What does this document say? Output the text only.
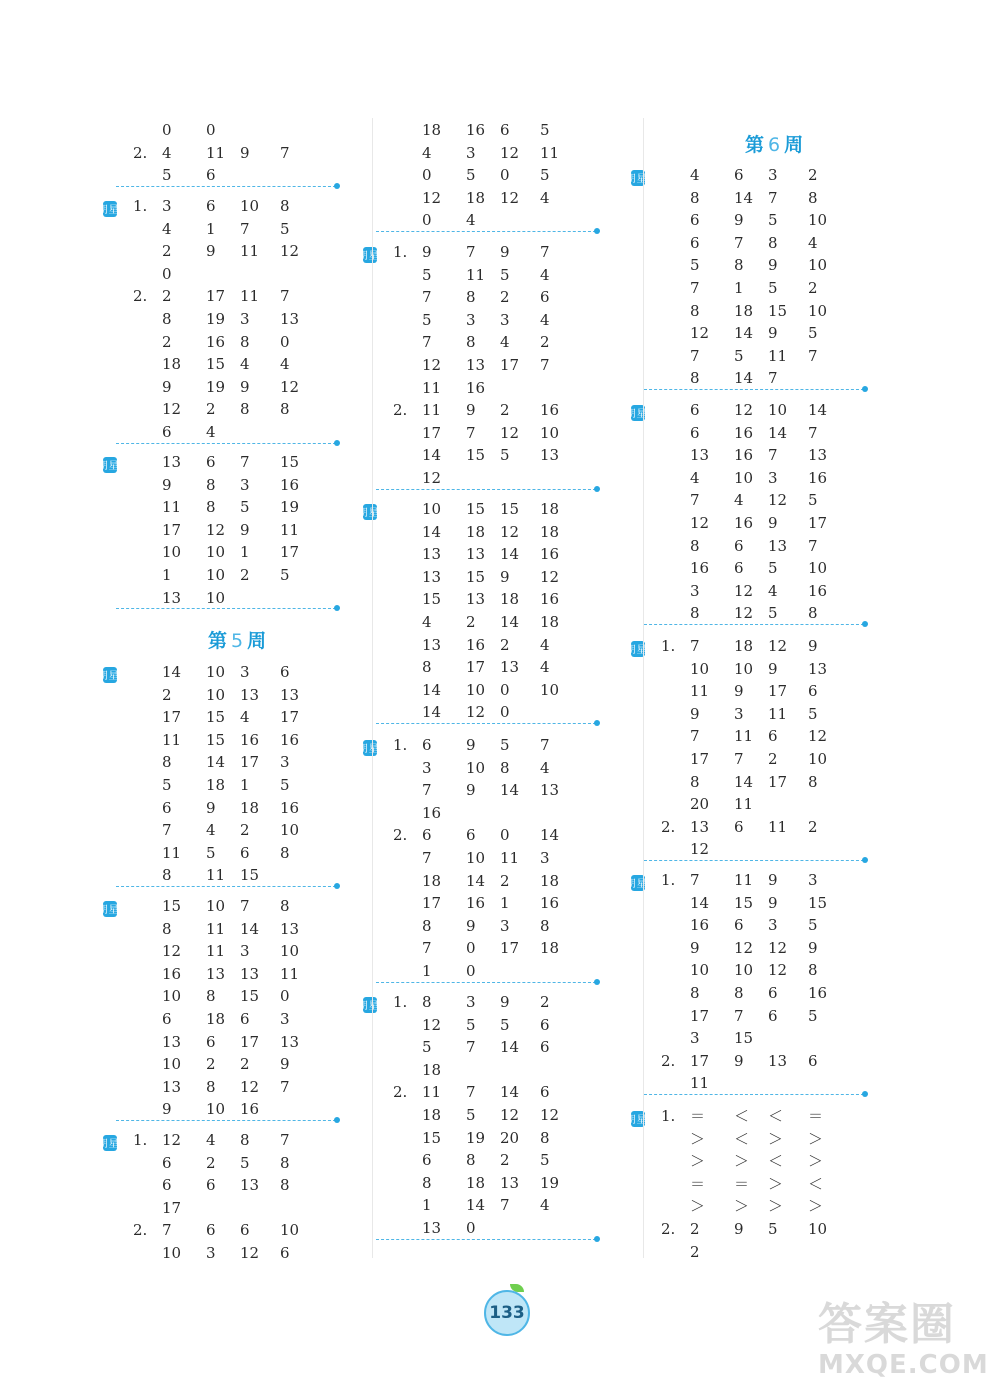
0 0
2. 4 11 9 7
5 6
星期六	1. 3 6 10 8
4 1 7 5
2 9 11 12
0
2. 2 17 11 7
8 19 3 13
2 16 8 0
18 15 4 4
9 19 9 12
12 2 8 8
6 4
星期日	13 6 7 15
9 8 3 16
11 8 5 19
17 12 9 11
10 10 1 17
1 10 2 5
13 10
星期一	14 10 3 6
2 10 13 13
17 15 4 17
11 15 16 16
8 14 17 3
5 18 1 5
6 9 18 16
7 4 2 10
11 5 6 8
8 11 15
星期二	15 10 7 8
8 11 14 13
12 11 3 10
16 13 13 11
10 8 15 0
6 18 6 3
13 6 17 13
10 2 2 9
13 8 12 7
9 10 16
星期三	1. 12 4 8 7
6 2 5 8
6 6 13 8
17
2. 7 6 6 10
10 3 12 6
18 16 6 5
4 3 12 11
0 5 0 5
12 18 12 4
0 4
星期四	1. 9 7 9 7
5 11 5 4
7 8 2 6
5 3 3 4
7 8 4 2
12 13 17 7
11 16
2. 11 9 2 16
17 7 12 10
14 15 5 13
12
星期五	10 15 15 18
14 18 12 18
13 13 14 16
13 15 9 12
15 13 18 16
4 2 14 18
13 16 2 4
8 17 13 4
14 10 0 10
14 12 0
星期六	1. 6 9 5 7
3 10 8 4
7 9 14 13
16
2. 6 6 0 14
7 10 11 3
18 14 2 18
17 16 1 16
8 9 3 8
7 0 17 18
1 0
星期日	1. 8 3 9 2
12 5 5 6
5 7 14 6
18
2. 11 7 14 6
18 5 12 12
15 19 20 8
6 8 2 5
8 18 13 19
1 14 7 4
13 0
星期一	4 6 3 2
8 14 7 8
6 9 5 10
6 7 8 4
5 8 9 10
7 1 5 2
8 18 15 10
12 14 9 5
7 5 11 7
8 14 7
星期二	6 12 10 14
6 16 14 7
13 16 7 13
4 10 3 16
7 4 12 5
12 16 9 17
8 6 13 7
16 6 5 10
3 12 4 16
8 12 5 8
星期三	1. 7 18 12 9
10 10 9 13
11 9 17 6
9 3 11 5
7 11 6 12
17 7 2 10
8 14 17 8
20 11
2. 13 6 11 2
12
星期四	1. 7 11 9 3
14 15 9 15
16 6 3 5
9 12 12 9
10 10 12 8
8 8 6 16
17 7 6 5
3 15
2. 17 9 13 6
11
星期五	1. ＝ ＜ ＜ ＝
＞ ＜ ＞ ＞
＞ ＞ ＜ ＞
＝ ＝ ＞ ＜
＞ ＞ ＞ ＞
2. 2 9 5 10
2
第 5 周
第 6 周
133	答案圈
MXQE.COM
